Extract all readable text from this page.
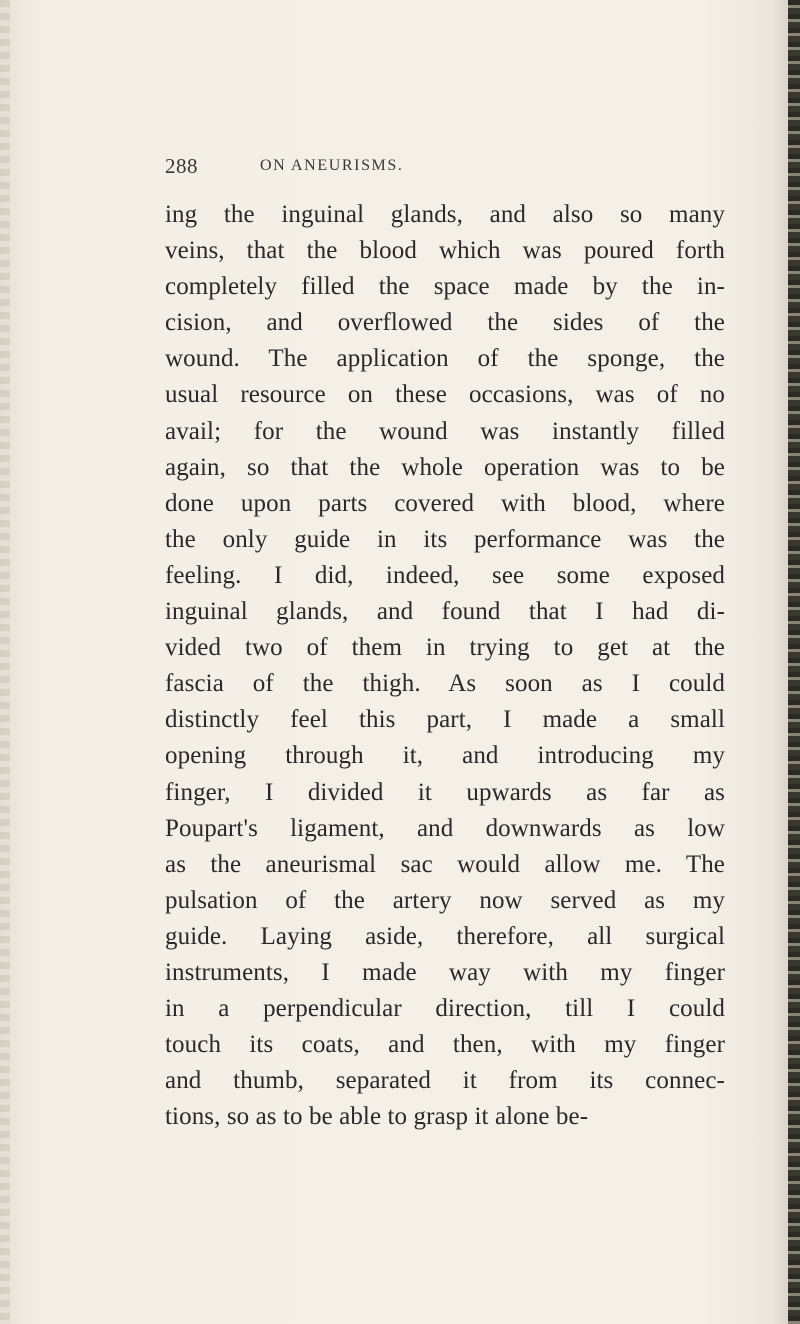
288	ON ANEURISMS.
ing the inguinal glands, and also so many
veins, that the blood which was poured forth
completely filled the space made by the in-
cision, and overflowed the sides of the
wound. The application of the sponge, the
usual resource on these occasions, was of no
avail; for the wound was instantly filled
again, so that the whole operation was to be
done upon parts covered with blood, where
the only guide in its performance was the
feeling. I did, indeed, see some exposed
inguinal glands, and found that I had di-
vided two of them in trying to get at the
fascia of the thigh. As soon as I could
distinctly feel this part, I made a small
opening through it, and introducing my
finger, I divided it upwards as far as
Poupart's ligament, and downwards as low
as the aneurismal sac would allow me. The
pulsation of the artery now served as my
guide. Laying aside, therefore, all surgical
instruments, I made way with my finger
in a perpendicular direction, till I could
touch its coats, and then, with my finger
and thumb, separated it from its connec-
tions, so as to be able to grasp it alone be-
